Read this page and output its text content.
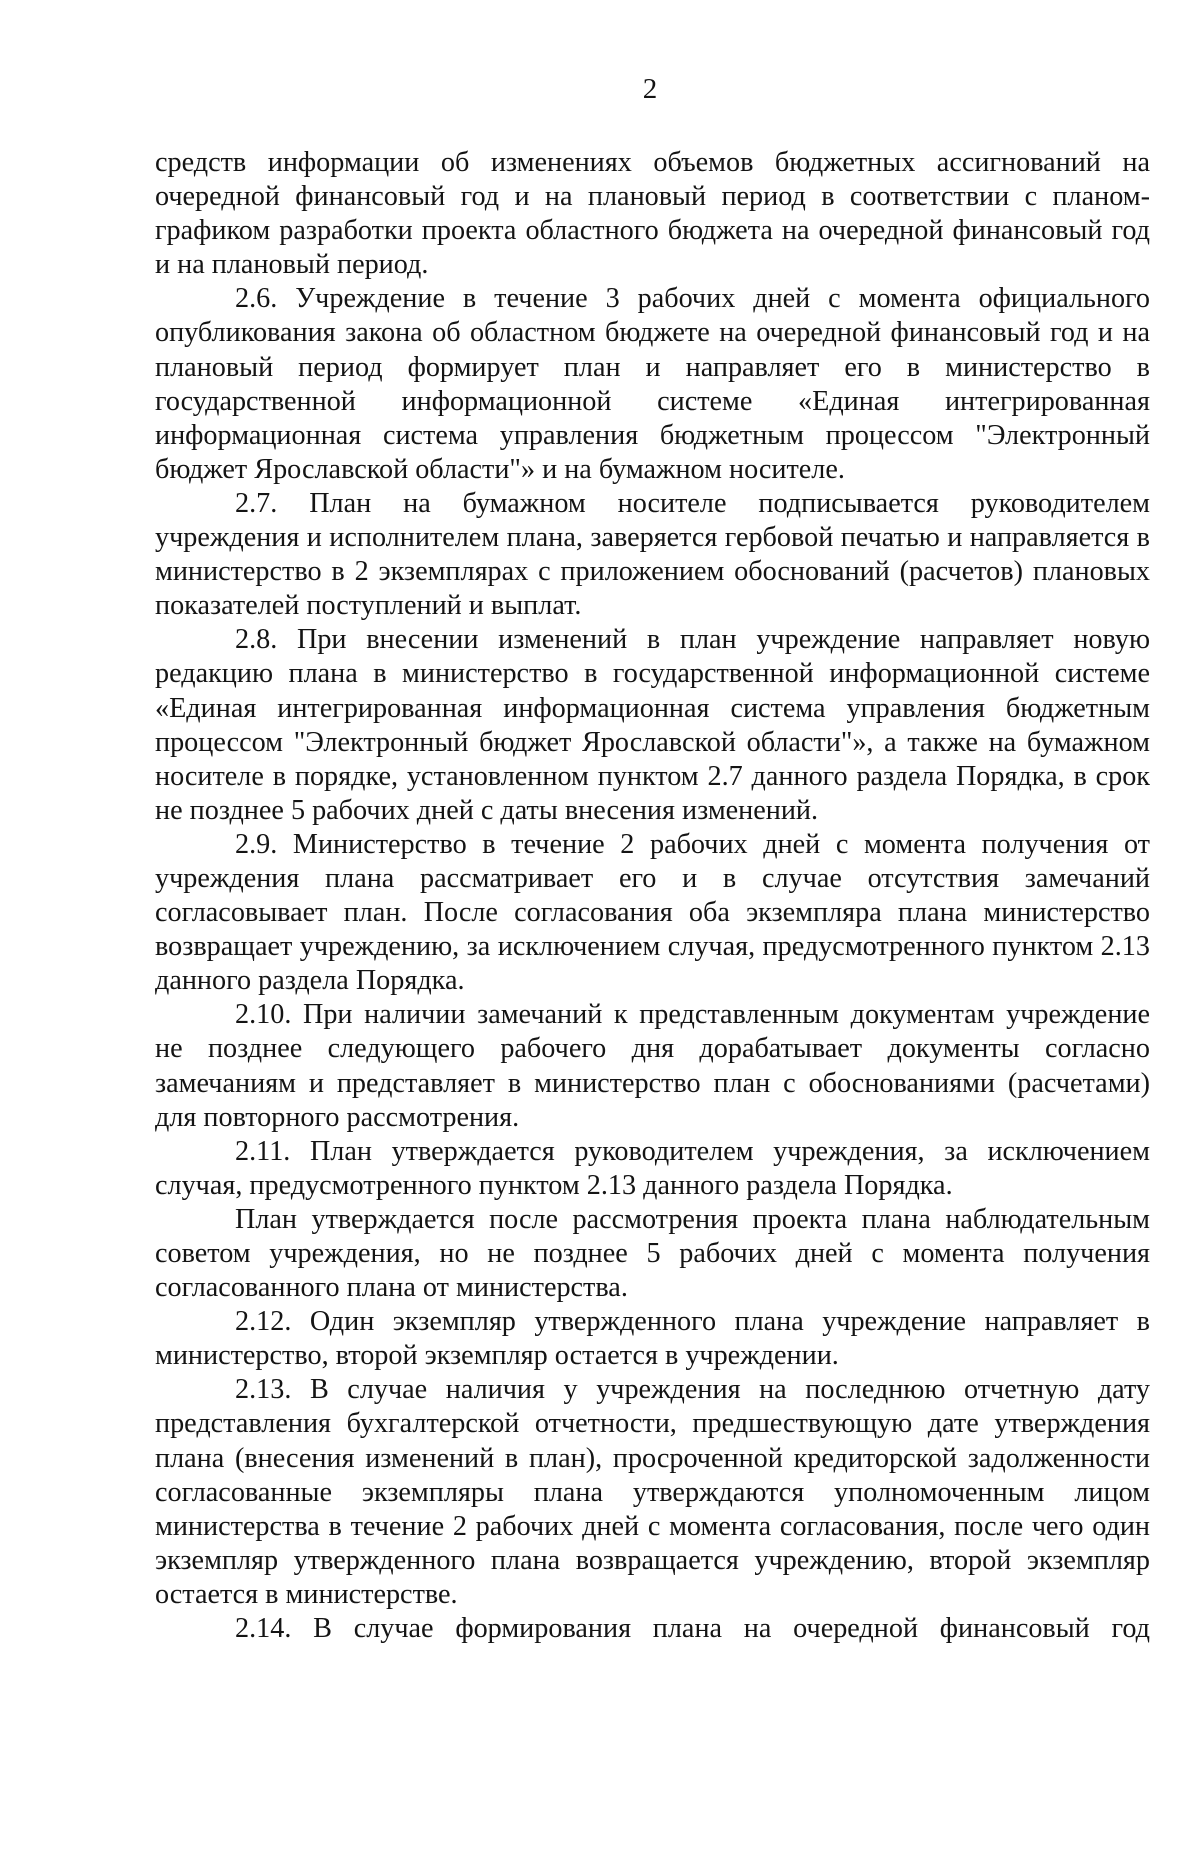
2

средств информации об изменениях объемов бюджетных ассигнований на очередной финансовый год и на плановый период в соответствии с планом-графиком разработки проекта областного бюджета на очередной финансовый год и на плановый период.

2.6. Учреждение в течение 3 рабочих дней с момента официального опубликования закона об областном бюджете на очередной финансовый год и на плановый период формирует план и направляет его в министерство в государственной информационной системе «Единая интегрированная информационная система управления бюджетным процессом "Электронный бюджет Ярославской области"» и на бумажном носителе.

2.7. План на бумажном носителе подписывается руководителем учреждения и исполнителем плана, заверяется гербовой печатью и направляется в министерство в 2 экземплярах с приложением обоснований (расчетов) плановых показателей поступлений и выплат.

2.8. При внесении изменений в план учреждение направляет новую редакцию плана в министерство в государственной информационной системе «Единая интегрированная информационная система управления бюджетным процессом "Электронный бюджет Ярославской области"», а также на бумажном носителе в порядке, установленном пунктом 2.7 данного раздела Порядка, в срок не позднее 5 рабочих дней с даты внесения изменений.

2.9. Министерство в течение 2 рабочих дней с момента получения от учреждения плана рассматривает его и в случае отсутствия замечаний согласовывает план. После согласования оба экземпляра плана министерство возвращает учреждению, за исключением случая, предусмотренного пунктом 2.13 данного раздела Порядка.

2.10. При наличии замечаний к представленным документам учреждение не позднее следующего рабочего дня дорабатывает документы согласно замечаниям и представляет в министерство план с обоснованиями (расчетами) для повторного рассмотрения.

2.11. План утверждается руководителем учреждения, за исключением случая, предусмотренного пунктом 2.13 данного раздела Порядка.

План утверждается после рассмотрения проекта плана наблюдательным советом учреждения, но не позднее 5 рабочих дней с момента получения согласованного плана от министерства.

2.12. Один экземпляр утвержденного плана учреждение направляет в министерство, второй экземпляр остается в учреждении.

2.13. В случае наличия у учреждения на последнюю отчетную дату представления бухгалтерской отчетности, предшествующую дате утверждения плана (внесения изменений в план), просроченной кредиторской задолженности согласованные экземпляры плана утверждаются уполномоченным лицом министерства в течение 2 рабочих дней с момента согласования, после чего один экземпляр утвержденного плана возвращается учреждению, второй экземпляр остается в министерстве.

2.14. В случае формирования плана на очередной финансовый год
